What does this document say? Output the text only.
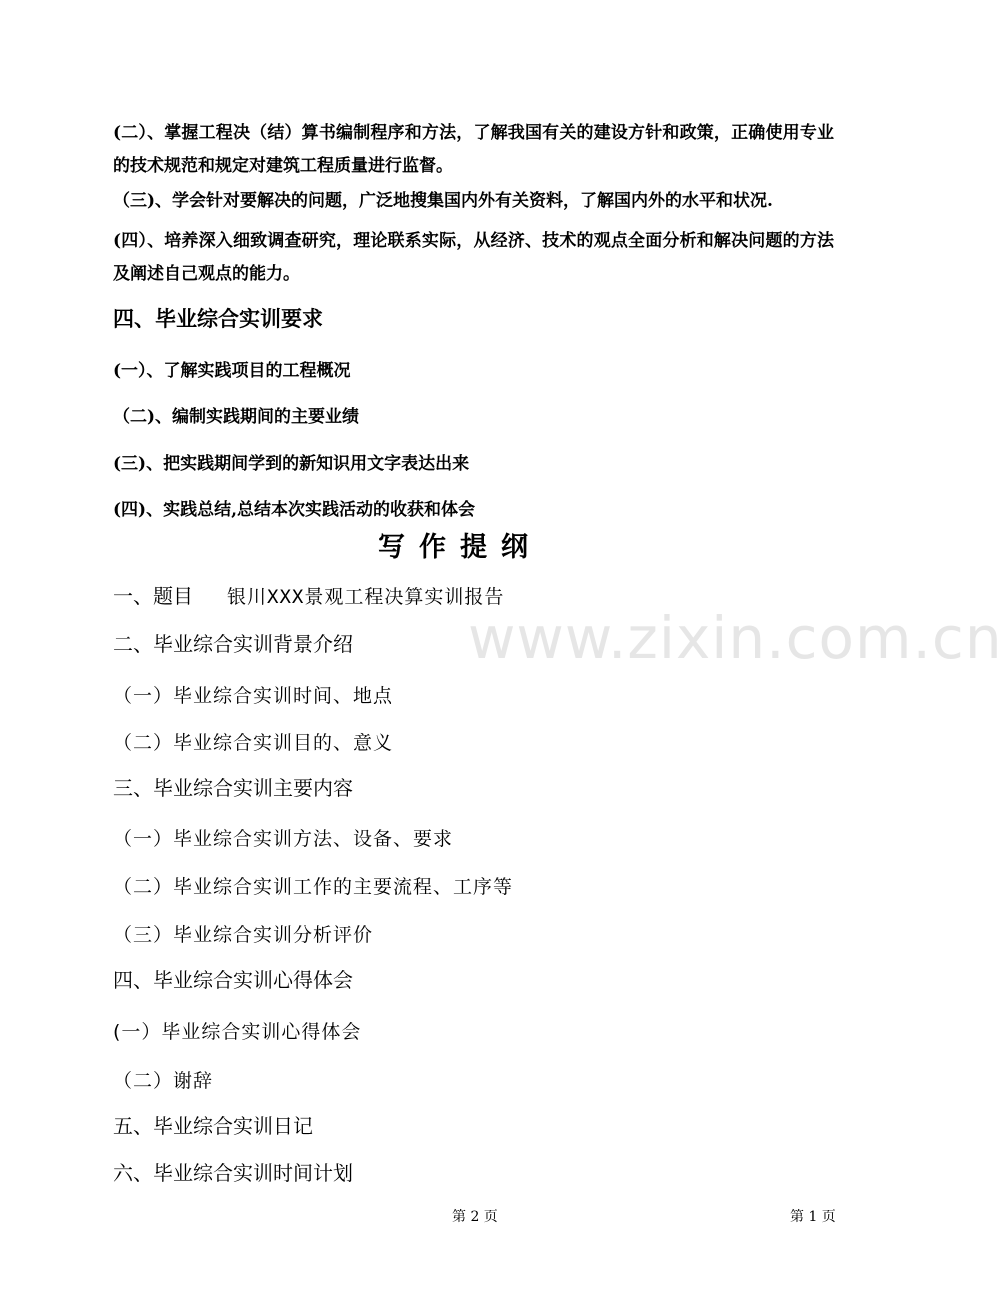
(二）、掌握工程决（结）算书编制程序和方法，了解我国有关的建设方针和政策，正确使用专业的技术规范和规定对建筑工程质量进行监督。
（三)、学会针对要解决的问题，广泛地搜集国内外有关资料，了解国内外的水平和状况.
(四）、培养深入细致调查研究，理论联系实际，从经济、技术的观点全面分析和解决问题的方法及阐述自己观点的能力。
四、毕业综合实训要求
(一）、了解实践项目的工程概况
（二)、编制实践期间的主要业绩
(三)、把实践期间学到的新知识用文字表达出来
(四)、实践总结,总结本次实践活动的收获和体会
写作提纲
www.zixin.com.cn
一、题目 银川XXX景观工程决算实训报告
二、毕业综合实训背景介绍
（一）毕业综合实训时间、地点
（二）毕业综合实训目的、意义
三、毕业综合实训主要内容
（一）毕业综合实训方法、设备、要求
（二）毕业综合实训工作的主要流程、工序等
（三）毕业综合实训分析评价
四、毕业综合实训心得体会
(一）毕业综合实训心得体会
（二）谢辞
五、毕业综合实训日记
六、毕业综合实训时间计划
第 2 页	第 1 页
